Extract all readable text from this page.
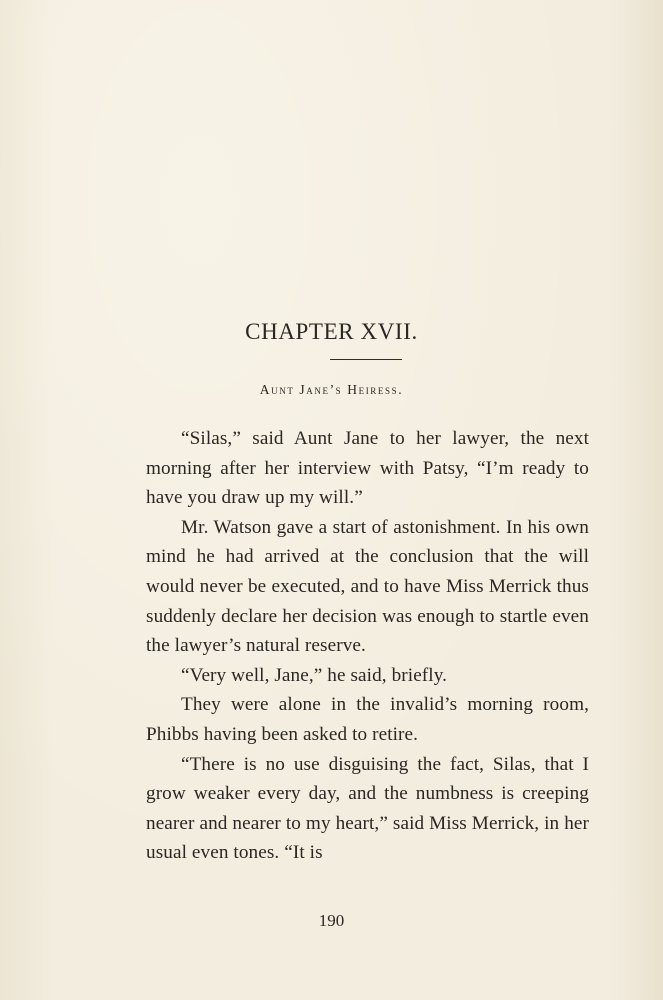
CHAPTER XVII.
Aunt Jane’s Heiress.

“Silas,” said Aunt Jane to her lawyer, the next morning after her interview with Patsy, “I’m ready to have you draw up my will.”

Mr. Watson gave a start of astonishment. In his own mind he had arrived at the conclusion that the will would never be executed, and to have Miss Merrick thus suddenly declare her decision was enough to startle even the lawyer’s natural reserve.

“Very well, Jane,” he said, briefly.

They were alone in the invalid’s morning room, Phibbs having been asked to retire.

“There is no use disguising the fact, Silas, that I grow weaker every day, and the numbness is creeping nearer and nearer to my heart,” said Miss Merrick, in her usual even tones. “It is

190
